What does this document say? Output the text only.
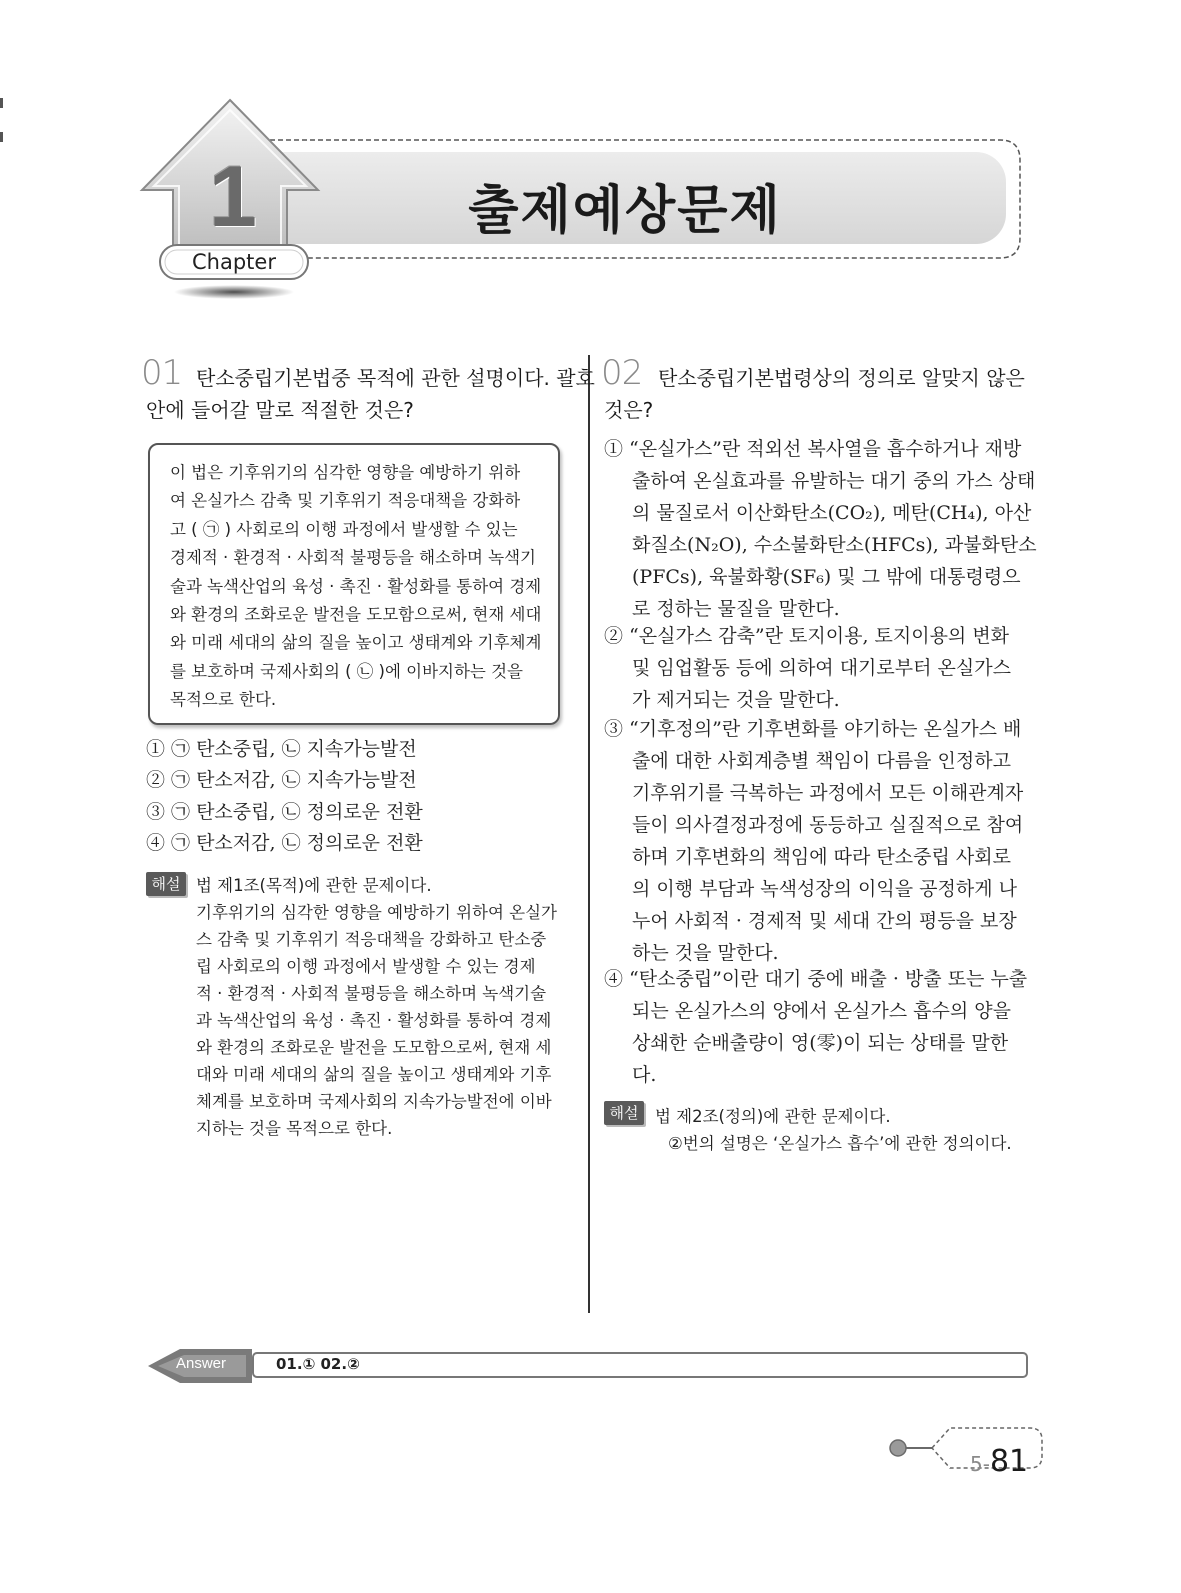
1
Chapter
출제예상문제
01 탄소중립기본법중 목적에 관한 설명이다. 괄호
안에 들어갈 말로 적절한 것은?
이 법은 기후위기의 심각한 영향을 예방하기 위하
여 온실가스 감축 및 기후위기 적응대책을 강화하
고 ( ㉠ ) 사회로의 이행 과정에서 발생할 수 있는
경제적 · 환경적 · 사회적 불평등을 해소하며 녹색기
술과 녹색산업의 육성 · 촉진 · 활성화를 통하여 경제
와 환경의 조화로운 발전을 도모함으로써, 현재 세대
와 미래 세대의 삶의 질을 높이고 생태계와 기후체계
를 보호하며 국제사회의 ( ㉡ )에 이바지하는 것을
목적으로 한다.
① ㉠ 탄소중립, ㉡ 지속가능발전
② ㉠ 탄소저감, ㉡ 지속가능발전
③ ㉠ 탄소중립, ㉡ 정의로운 전환
④ ㉠ 탄소저감, ㉡ 정의로운 전환
해설 법 제1조(목적)에 관한 문제이다.
기후위기의 심각한 영향을 예방하기 위하여 온실가
스 감축 및 기후위기 적응대책을 강화하고 탄소중
립 사회로의 이행 과정에서 발생할 수 있는 경제
적 · 환경적 · 사회적 불평등을 해소하며 녹색기술
과 녹색산업의 육성 · 촉진 · 활성화를 통하여 경제
와 환경의 조화로운 발전을 도모함으로써, 현재 세
대와 미래 세대의 삶의 질을 높이고 생태계와 기후
체계를 보호하며 국제사회의 지속가능발전에 이바
지하는 것을 목적으로 한다.
02 탄소중립기본법령상의 정의로 알맞지 않은
것은?
① “온실가스”란 적외선 복사열을 흡수하거나 재방
출하여 온실효과를 유발하는 대기 중의 가스 상태
의 물질로서 이산화탄소(CO₂), 메탄(CH₄), 아산
화질소(N₂O), 수소불화탄소(HFCs), 과불화탄소
(PFCs), 육불화황(SF₆) 및 그 밖에 대통령령으
로 정하는 물질을 말한다.
② “온실가스 감축”란 토지이용, 토지이용의 변화
및 임업활동 등에 의하여 대기로부터 온실가스
가 제거되는 것을 말한다.
③ “기후정의”란 기후변화를 야기하는 온실가스 배
출에 대한 사회계층별 책임이 다름을 인정하고
기후위기를 극복하는 과정에서 모든 이해관계자
들이 의사결정과정에 동등하고 실질적으로 참여
하며 기후변화의 책임에 따라 탄소중립 사회로
의 이행 부담과 녹색성장의 이익을 공정하게 나
누어 사회적 · 경제적 및 세대 간의 평등을 보장
하는 것을 말한다.
④ “탄소중립”이란 대기 중에 배출 · 방출 또는 누출
되는 온실가스의 양에서 온실가스 흡수의 양을
상쇄한 순배출량이 영(零)이 되는 상태를 말한
다.
해설	법 제2조(정의)에 관한 문제이다.
②번의 설명은 ‘온실가스 흡수’에 관한 정의이다.
Answer	01.① 02.②
5-81
